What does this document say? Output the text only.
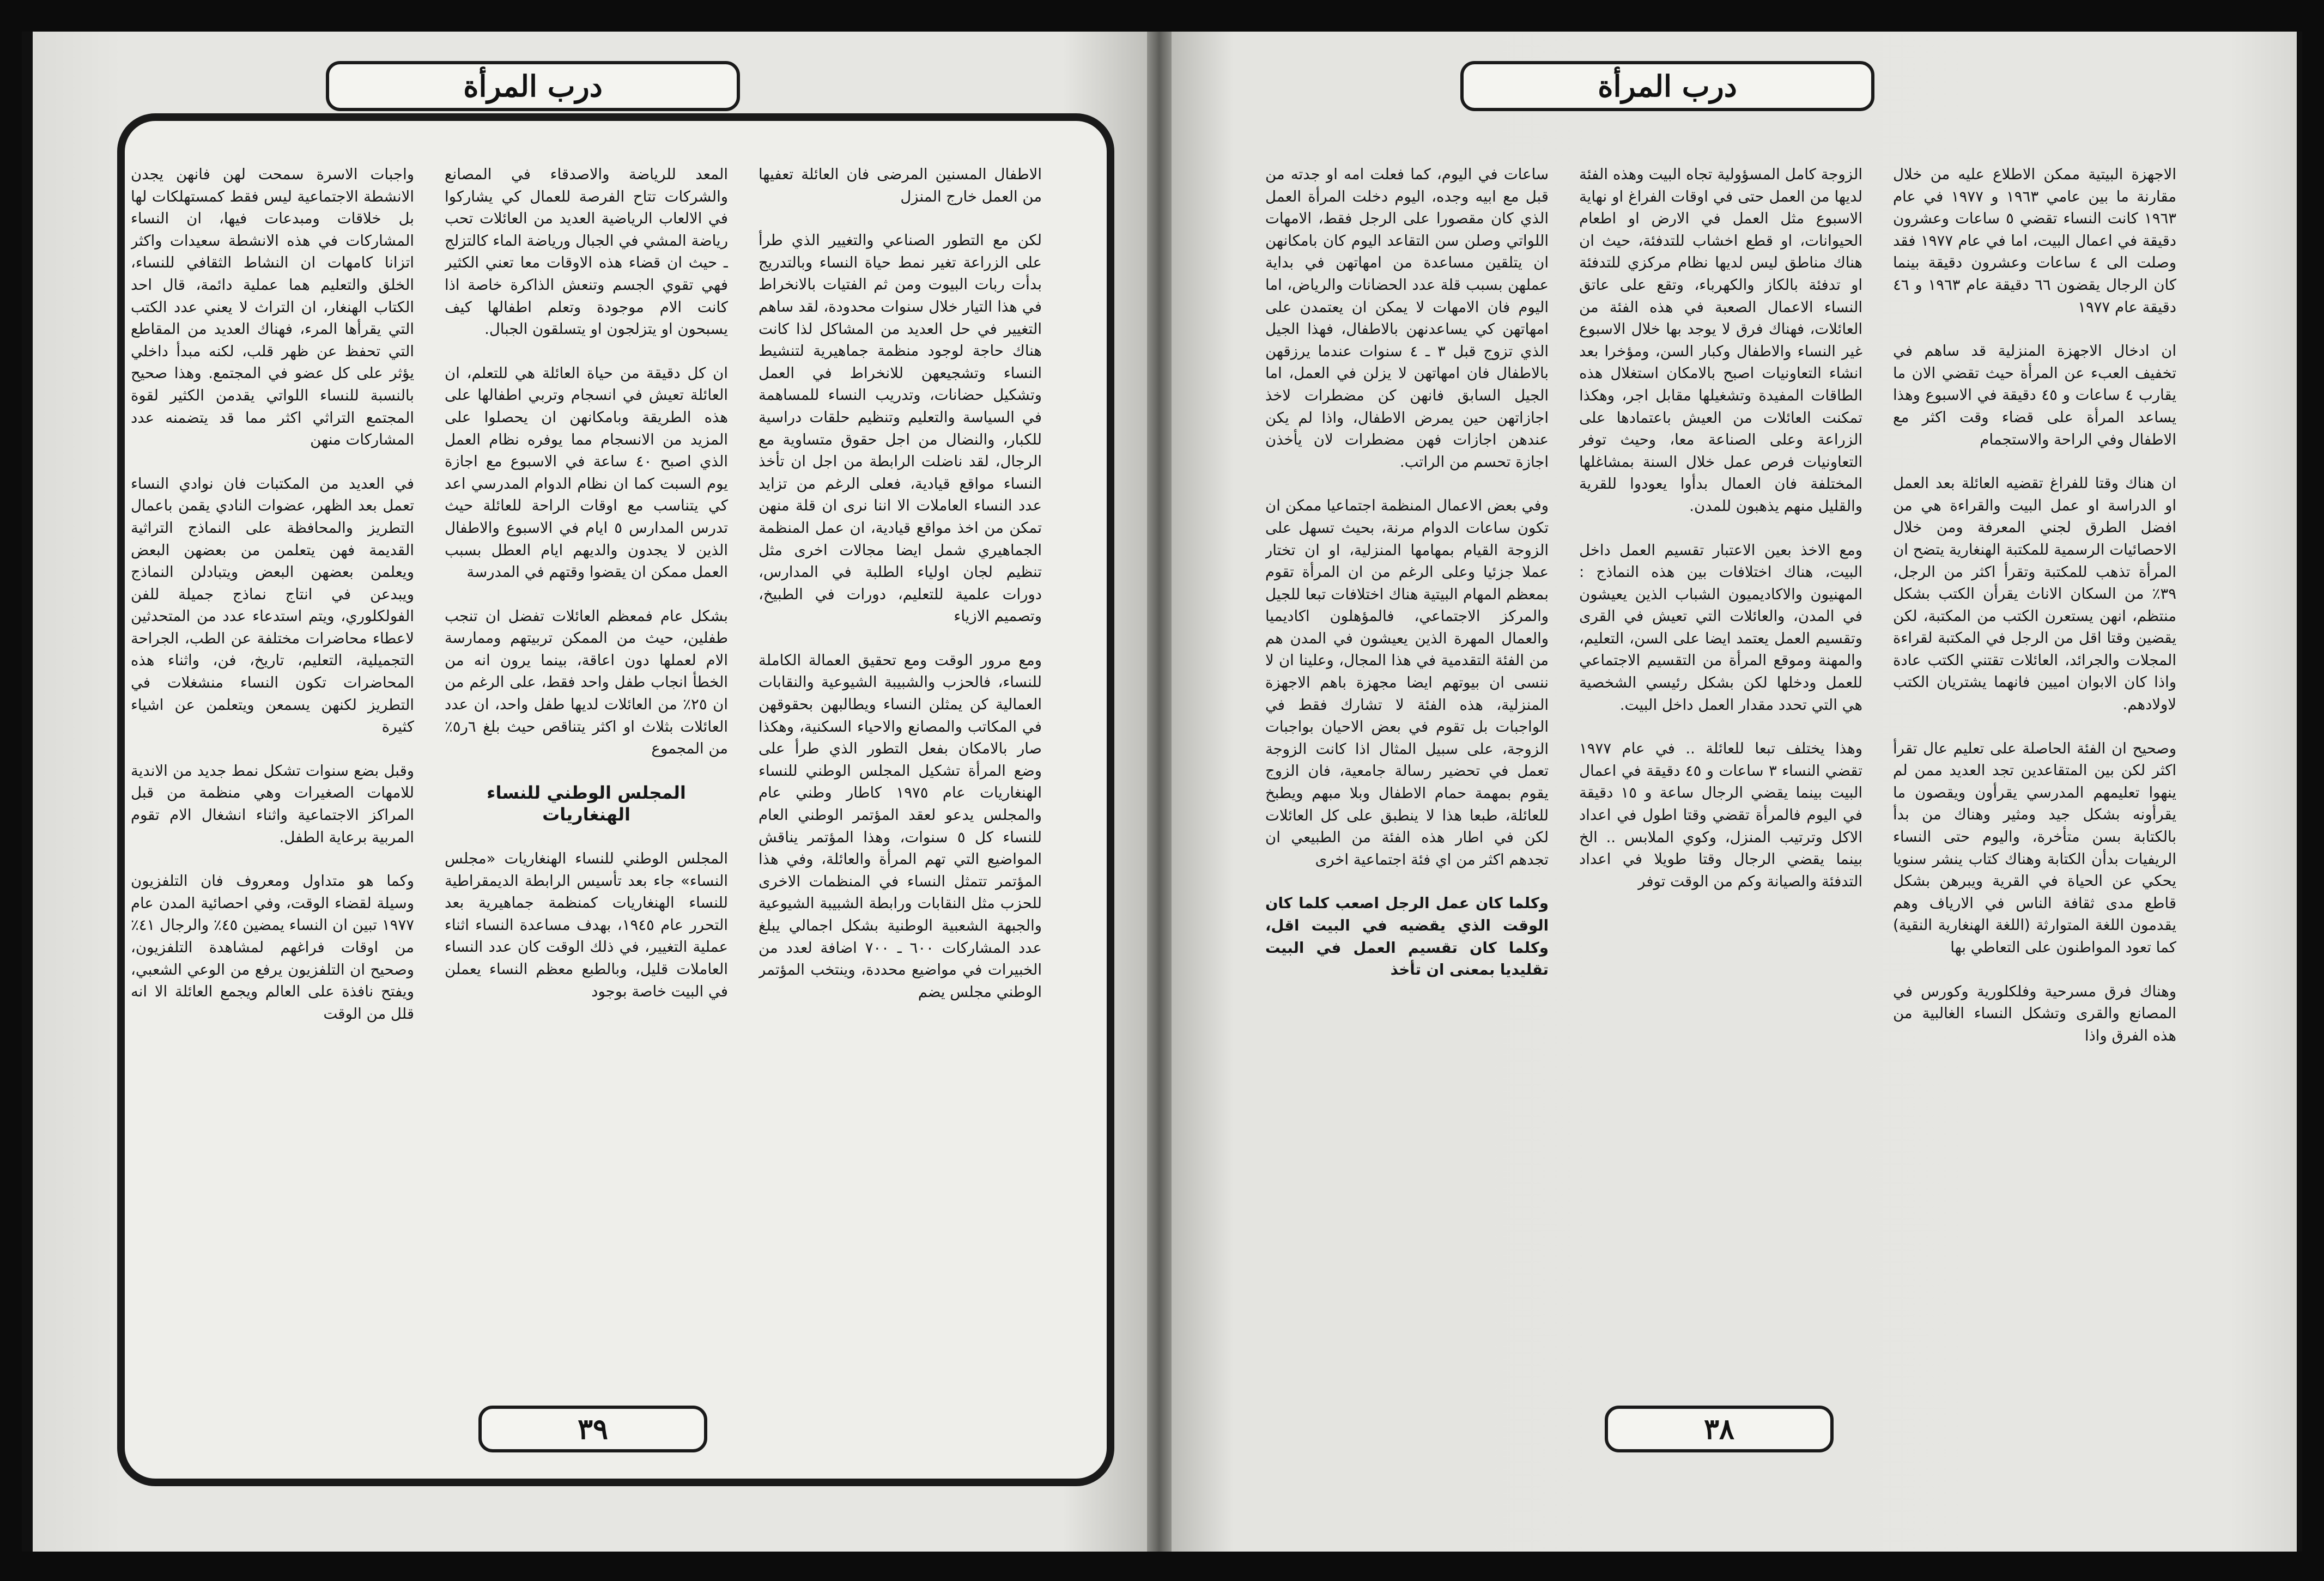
درب المرأة
٣٩

واجبات الاسرة سمحت لهن فانهن يجدن الانشطة الاجتماعية ليس فقط كمستهلكات لها بل خلاقات ومبدعات فيها، ان النساء المشاركات في هذه الانشطة سعيدات واكثر اتزانا كامهات ان النشاط الثقافي للنساء، الخلق والتعليم هما عملية دائمة، قال احد الكتاب الهنغار، ان التراث لا يعني عدد الكتب التي يقرأها المرء، فهناك العديد من المقاطع التي تحفظ عن ظهر قلب، لكنه مبدأ داخلي يؤثر على كل عضو في المجتمع. وهذا صحيح بالنسبة للنساء اللواتي يقدمن الكثير لقوة المجتمع التراثي اكثر مما قد يتضمنه عدد المشاركات منهن

في العديد من المكتبات فان نوادي النساء تعمل بعد الظهر، عضوات النادي يقمن باعمال التطريز والمحافظة على النماذج التراثية القديمة فهن يتعلمن من بعضهن البعض ويعلمن بعضهن البعض ويتبادلن النماذج ويبدعن في انتاج نماذج جميلة للفن الفولكلوري، ويتم استدعاء عدد من المتحدثين لاعطاء محاضرات مختلفة عن الطب، الجراحة التجميلية، التعليم، تاريخ، فن، واثناء هذه المحاضرات تكون النساء منشغلات في التطريز لكنهن يسمعن ويتعلمن عن اشياء كثيرة

وقبل بضع سنوات تشكل نمط جديد من الاندية للامهات الصغيرات وهي منظمة من قبل المراكز الاجتماعية واثناء انشغال الام تقوم المربية برعاية الطفل.

وكما هو متداول ومعروف فان التلفزيون وسيلة لقضاء الوقت، وفي احصائية المدن عام ١٩٧٧ تبين ان النساء يمضين ٤٥٪ والرجال ٤١٪ من اوقات فراغهم لمشاهدة التلفزيون، وصحيح ان التلفزيون يرفع من الوعي الشعبي، ويفتح نافذة على العالم ويجمع العائلة الا انه قلل من الوقت

المعد للرياضة والاصدقاء في المصانع والشركات تتاح الفرصة للعمال كي يشاركوا في الالعاب الرياضية العديد من العائلات تحب رياضة المشي في الجبال ورياضة الماء كالتزلج ـ حيث ان قضاء هذه الاوقات معا تعني الكثير فهي تقوي الجسم وتنعش الذاكرة خاصة اذا كانت الام موجودة وتعلم اطفالها كيف يسبحون او يتزلجون او يتسلقون الجبال.

ان كل دقيقة من حياة العائلة هي للتعلم، ان العائلة تعيش في انسجام وتربي اطفالها على هذه الطريقة وبامكانهن ان يحصلوا على المزيد من الانسجام مما يوفره نظام العمل الذي اصبح ٤٠ ساعة في الاسبوع مع اجازة يوم السبت كما ان نظام الدوام المدرسي اعد كي يتناسب مع اوقات الراحة للعائلة حيث تدرس المدارس ٥ ايام في الاسبوع والاطفال الذين لا يجدون والديهم ايام العطل بسبب العمل ممكن ان يقضوا وقتهم في المدرسة

بشكل عام فمعظم العائلات تفضل ان تنجب طفلين، حيث من الممكن تربيتهم وممارسة الام لعملها دون اعاقة، بينما يرون انه من الخطأ انجاب طفل واحد فقط، على الرغم من ان ٢٥٪ من العائلات لديها طفل واحد، ان عدد العائلات بثلاث او اكثر يتناقص حيث بلغ ٦ر٥٪ من المجموع

المجلس الوطني للنساء الهنغاريات

المجلس الوطني للنساء الهنغاريات «مجلس النساء» جاء بعد تأسيس الرابطة الديمقراطية للنساء الهنغاريات كمنظمة جماهيرية بعد التحرر عام ١٩٤٥، بهدف مساعدة النساء اثناء عملية التغيير، في ذلك الوقت كان عدد النساء العاملات قليل، وبالطبع معظم النساء يعملن في البيت خاصة بوجود

الاطفال المسنين المرضى فان العائلة تعفيها من العمل خارج المنزل

لكن مع التطور الصناعي والتغيير الذي طرأ على الزراعة تغير نمط حياة النساء وبالتدريج بدأت ربات البيوت ومن ثم الفتيات بالانخراط في هذا التيار خلال سنوات محدودة، لقد ساهم التغيير في حل العديد من المشاكل لذا كانت هناك حاجة لوجود منظمة جماهيرية لتنشيط النساء وتشجيعهن للانخراط في العمل وتشكيل حضانات، وتدريب النساء للمساهمة في السياسة والتعليم وتنظيم حلقات دراسية للكبار، والنضال من اجل حقوق متساوية مع الرجال، لقد ناضلت الرابطة من اجل ان تأخذ النساء مواقع قيادية، فعلى الرغم من تزايد عدد النساء العاملات الا اننا نرى ان قلة منهن تمكن من اخذ مواقع قيادية، ان عمل المنظمة الجماهيري شمل ايضا مجالات اخرى مثل تنظيم لجان اولياء الطلبة في المدارس، دورات علمية للتعليم، دورات في الطبيخ، وتصميم الازياء

ومع مرور الوقت ومع تحقيق العمالة الكاملة للنساء، فالحزب والشبيبة الشيوعية والنقابات العمالية كن يمثلن النساء ويطالبهن بحقوقهن في المكاتب والمصانع والاحياء السكنية، وهكذا صار بالامكان بفعل التطور الذي طرأ على وضع المرأة تشكيل المجلس الوطني للنساء الهنغاريات عام ١٩٧٥ كاطار وطني عام والمجلس يدعو لعقد المؤتمر الوطني العام للنساء كل ٥ سنوات، وهذا المؤتمر يناقش المواضيع التي تهم المرأة والعائلة، وفي هذا المؤتمر تتمثل النساء في المنظمات الاخرى للحزب مثل النقابات ورابطة الشبيبة الشيوعية والجبهة الشعبية الوطنية بشكل اجمالي يبلغ عدد المشاركات ٦٠٠ ـ ٧٠٠ اضافة لعدد من الخبيرات في مواضيع محددة، وينتخب المؤتمر الوطني مجلس يضم

درب المرأة
٣٨

ساعات في اليوم، كما فعلت امه او جدته من قبل مع ابيه وجده، اليوم دخلت المرأة العمل الذي كان مقصورا على الرجل فقط، الامهات اللواتي وصلن سن التقاعد اليوم كان بامكانهن ان يتلقين مساعدة من امهاتهن في بداية عملهن بسبب قلة عدد الحضانات والرياض، اما اليوم فان الامهات لا يمكن ان يعتمدن على امهاتهن كي يساعدنهن بالاطفال، فهذا الجيل الذي تزوج قبل ٣ ـ ٤ سنوات عندما يرزقهن بالاطفال فان امهاتهن لا يزلن في العمل، اما الجيل السابق فانهن كن مضطرات لاخذ اجازاتهن حين يمرض الاطفال، واذا لم يكن عندهن اجازات فهن مضطرات لان يأخذن اجازة تحسم من الراتب.

وفي بعض الاعمال المنظمة اجتماعيا ممكن ان تكون ساعات الدوام مرنة، بحيث تسهل على الزوجة القيام بمهامها المنزلية، او ان تختار عملا جزئيا وعلى الرغم من ان المرأة تقوم بمعظم المهام البيتية هناك اختلافات تبعا للجيل والمركز الاجتماعي، فالمؤهلون اكاديميا والعمال المهرة الذين يعيشون في المدن هم من الفئة التقدمية في هذا المجال، وعلينا ان لا ننسى ان بيوتهم ايضا مجهزة باهم الاجهزة المنزلية، هذه الفئة لا تشارك فقط في الواجبات بل تقوم في بعض الاحيان بواجبات الزوجة، على سبيل المثال اذا كانت الزوجة تعمل في تحضير رسالة جامعية، فان الزوج يقوم بمهمة حمام الاطفال وبلا مبهم ويطبخ للعائلة، طبعا هذا لا ينطبق على كل العائلات لكن في اطار هذه الفئة من الطبيعي ان تجدهم اكثر من اي فئة اجتماعية اخرى

وكلما كان عمل الرجل اصعب كلما كان الوقت الذي يقضيه في البيت اقل، وكلما كان تقسيم العمل في البيت تقليديا بمعنى ان تأخذ

الزوجة كامل المسؤولية تجاه البيت وهذه الفئة لديها من العمل حتى في اوقات الفراغ او نهاية الاسبوع مثل العمل في الارض او اطعام الحيوانات، او قطع اخشاب للتدفئة، حيث ان هناك مناطق ليس لديها نظام مركزي للتدفئة او تدفئة بالكاز والكهرباء، وتقع على عاتق النساء الاعمال الصعبة في هذه الفئة من العائلات، فهناك فرق لا يوجد بها خلال الاسبوع غير النساء والاطفال وكبار السن، ومؤخرا بعد انشاء التعاونيات اصبح بالامكان استغلال هذه الطاقات المفيدة وتشغيلها مقابل اجر، وهكذا تمكنت العائلات من العيش باعتمادها على الزراعة وعلى الصناعة معا، وحيث توفر التعاونيات فرص عمل خلال السنة بمشاغلها المختلفة فان العمال بدأوا يعودوا للقرية والقليل منهم يذهبون للمدن.

ومع الاخذ بعين الاعتبار تقسيم العمل داخل البيت، هناك اختلافات بين هذه النماذج : المهنيون والاكاديميون الشباب الذين يعيشون في المدن، والعائلات التي تعيش في القرى وتقسيم العمل يعتمد ايضا على السن، التعليم، والمهنة وموقع المرأة من التقسيم الاجتماعي للعمل ودخلها لكن بشكل رئيسي الشخصية هي التي تحدد مقدار العمل داخل البيت.

وهذا يختلف تبعا للعائلة .. في عام ١٩٧٧ تقضي النساء ٣ ساعات و ٤٥ دقيقة في اعمال البيت بينما يقضي الرجال ساعة و ١٥ دقيقة في اليوم فالمرأة تقضي وقتا اطول في اعداد الاكل وترتيب المنزل، وكوي الملابس .. الخ بينما يقضي الرجال وقتا طويلا في اعداد التدفئة والصيانة وكم من الوقت توفر

الاجهزة البيتية ممكن الاطلاع عليه من خلال مقارنة ما بين عامي ١٩٦٣ و ١٩٧٧ في عام ١٩٦٣ كانت النساء تقضي ٥ ساعات وعشرون دقيقة في اعمال البيت، اما في عام ١٩٧٧ فقد وصلت الى ٤ ساعات وعشرون دقيقة بينما كان الرجال يقضون ٦٦ دقيقة عام ١٩٦٣ و ٤٦ دقيقة عام ١٩٧٧

ان ادخال الاجهزة المنزلية قد ساهم في تخفيف العبء عن المرأة حيث تقضي الان ما يقارب ٤ ساعات و ٤٥ دقيقة في الاسبوع وهذا يساعد المرأة على قضاء وقت اكثر مع الاطفال وفي الراحة والاستجمام

ان هناك وقتا للفراغ تقضيه العائلة بعد العمل او الدراسة او عمل البيت والقراءة هي من افضل الطرق لجني المعرفة ومن خلال الاحصائيات الرسمية للمكتبة الهنغارية يتضح ان المرأة تذهب للمكتبة وتقرأ اكثر من الرجل، ٣٩٪ من السكان الاناث يقرأن الكتب بشكل منتظم، انهن يستعرن الكتب من المكتبة، لكن يقضين وقتا اقل من الرجل في المكتبة لقراءة المجلات والجرائد، العائلات تقتني الكتب عادة واذا كان الابوان اميين فانهما يشتريان الكتب لاولادهم.

وصحيح ان الفئة الحاصلة على تعليم عال تقرأ اكثر لكن بين المتقاعدين تجد العديد ممن لم ينهوا تعليمهم المدرسي يقرأون ويقصون ما يقرأونه بشكل جيد ومثير وهناك من بدأ بالكتابة بسن متأخرة، واليوم حتى النساء الريفيات بدأن الكتابة وهناك كتاب ينشر سنويا يحكي عن الحياة في القرية ويبرهن بشكل قاطع مدى ثقافة الناس في الارياف وهم يقدمون اللغة المتوارثة (اللغة الهنغارية النقية) كما تعود المواطنون على التعاطي بها

وهناك فرق مسرحية وفلكلورية وكورس في المصانع والقرى وتشكل النساء الغالبية من هذه الفرق واذا
